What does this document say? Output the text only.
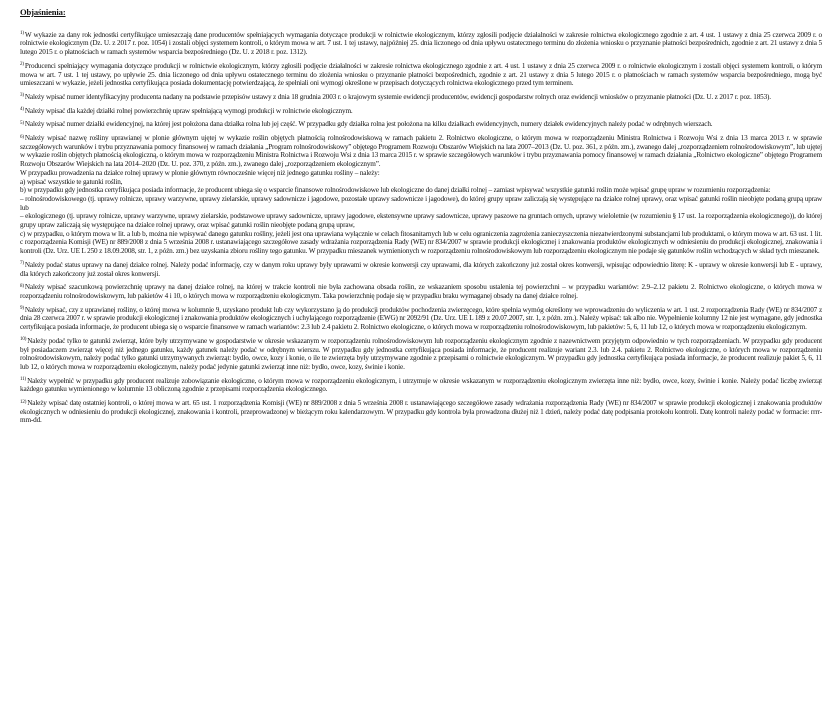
Objaśnienia:
$^{1)}$W wykazie za dany rok jednostki certyfikujące umieszczają dane producentów spełniających wymagania dotyczące produkcji w rolnictwie ekologicznym, którzy zgłosili podjęcie działalności w zakresie rolnictwa ekologicznego zgodnie z art. 4 ust. 1 ustawy z dnia 25 czerwca 2009 r. o rolnictwie ekologicznym (Dz. U. z 2017 r. poz. 1054) i zostali objęci systemem kontroli, o którym mowa w art. 7 ust. 1 tej ustawy, najpóźniej 25. dnia liczonego od dnia upływu ostatecznego terminu do złożenia wniosku o przyznanie płatności bezpośrednich, zgodnie z art. 21 ustawy z dnia 5 lutego 2015 r. o płatnościach w ramach systemów wsparcia bezpośredniego (Dz. U. z 2018 r. poz. 1312).
$^{2)}$Producenci spełniający wymagania dotyczące produkcji w rolnictwie ekologicznym, którzy zgłosili podjęcie działalności w zakresie rolnictwa ekologicznego zgodnie z art. 4 ust. 1 ustawy z dnia 25 czerwca 2009 r. o rolnictwie ekologicznym i zostali objęci systemem kontroli, o którym mowa w art. 7 ust. 1 tej ustawy, po upływie 25. dnia liczonego od dnia upływu ostatecznego terminu do złożenia wniosku o przyznanie płatności bezpośrednich, zgodnie z art. 21 ustawy z dnia 5 lutego 2015 r. o płatnościach w ramach systemów wsparcia bezpośredniego, mogą być umieszczani w wykazie, jeżeli jednostka certyfikująca posiada dokumentację potwierdzającą, że spełniali oni wymogi określone w przepisach dotyczących rolnictwa ekologicznego przed tym terminem.
$^{3)}$Należy wpisać numer identyfikacyjny producenta nadany na podstawie przepisów ustawy z dnia 18 grudnia 2003 r. o krajowym systemie ewidencji producentów, ewidencji gospodarstw rolnych oraz ewidencji wniosków o przyznanie płatności (Dz. U. z 2017 r. poz. 1853).
$^{4)}$Należy wpisać dla każdej działki rolnej powierzchnię upraw spełniającą wymogi produkcji w rolnictwie ekologicznym.
$^{5)}$Należy wpisać numer działki ewidencyjnej, na której jest położona dana działka rolna lub jej część. W przypadku gdy działka rolna jest położona na kilku działkach ewidencyjnych, numery działek ewidencyjnych należy podać w odrębnych wierszach.
$^{6)}$Należy wpisać nazwę rośliny uprawianej w plonie głównym ujętej w wykazie roślin objętych płatnością rolnośrodowiskową w ramach pakietu 2. Rolnictwo ekologiczne, o którym mowa w rozporządzeniu Ministra Rolnictwa i Rozwoju Wsi z dnia 13 marca 2013 r. w sprawie szczegółowych warunków i trybu przyznawania pomocy finansowej w ramach działania „Program rolnośrodowiskowy” objętego Programem Rozwoju Obszarów Wiejskich na lata 2007–2013 (Dz. U. poz. 361, z późn. zm.), zwanego dalej „rozporządzeniem rolnośrodowiskowym”, lub ujętej w wykazie roślin objętych płatnością ekologiczną, o którym mowa w rozporządzeniu Ministra Rolnictwa i Rozwoju Wsi z dnia 13 marca 2015 r. w sprawie szczegółowych warunków i trybu przyznawania pomocy finansowej w ramach działania „Rolnictwo ekologiczne” objętego Programem Rozwoju Obszarów Wiejskich na lata 2014–2020 (Dz. U. poz. 370, z późn. zm.), zwanego dalej „rozporządzeniem ekologicznym”.
W przypadku prowadzenia na działce rolnej uprawy w plonie głównym równocześnie więcej niż jednego gatunku rośliny – należy:
a) wpisać wszystkie te gatunki roślin,
b) w przypadku gdy jednostka certyfikująca posiada informacje, że producent ubiega się o wsparcie finansowe rolnośrodowiskowe lub ekologiczne do danej działki rolnej – zamiast wpisywać wszystkie gatunki roślin może wpisać grupę upraw w rozumieniu rozporządzenia:
– rolnośrodowiskowego (tj. uprawy rolnicze, uprawy warzywne, uprawy zielarskie, uprawy sadownicze i jagodowe, pozostałe uprawy sadownicze i jagodowe), do której grupy upraw zaliczają się występujące na działce rolnej uprawy, oraz wpisać gatunki roślin nieobjęte podaną grupą upraw lub
– ekologicznego (tj. uprawy rolnicze, uprawy warzywne, uprawy zielarskie, podstawowe uprawy sadownicze, uprawy jagodowe, ekstensywne uprawy sadownicze, uprawy paszowe na gruntach ornych, uprawy wieloletnie (w rozumieniu § 17 ust. 1a rozporządzenia ekologicznego)), do której grupy upraw zaliczają się występujące na działce rolnej uprawy, oraz wpisać gatunki roślin nieobjęte podaną grupą upraw,
c) w przypadku, o którym mowa w lit. a lub b, można nie wpisywać danego gatunku rośliny, jeżeli jest ona uprawiana wyłącznie w celach fitosanitarnych lub w celu ograniczenia zagrożenia zanieczyszczenia niezatwierdzonymi substancjami lub produktami, o którym mowa w art. 63 ust. 1 lit. c rozporządzenia Komisji (WE) nr 889/2008 z dnia 5 września 2008 r. ustanawiającego szczegółowe zasady wdrażania rozporządzenia Rady (WE) nr 834/2007 w sprawie produkcji ekologicznej i znakowania produktów ekologicznych w odniesieniu do produkcji ekologicznej, znakowania i kontroli (Dz. Urz. UE L 250 z 18.09.2008, str. 1, z późn. zm.) bez uzyskania zbioru rośliny tego gatunku. W przypadku mieszanek wymienionych w rozporządzeniu rolnośrodowiskowym lub rozporządzeniu ekologicznym nie podaje się gatunków roślin wchodzących w skład tych mieszanek.
$^{7)}$Należy podać status uprawy na danej działce rolnej. Należy podać informację, czy w danym roku uprawy były uprawami w okresie konwersji czy uprawami, dla których zakończony już został okres konwersji, wpisując odpowiednio literę: K - uprawy w okresie konwersji lub E - uprawy, dla których zakończony już został okres konwersji.
$^{8)}$Należy wpisać szacunkową powierzchnię uprawy na danej działce rolnej, na której w trakcie kontroli nie była zachowana obsada roślin, ze wskazaniem sposobu ustalenia tej powierzchni – w przypadku wariantów: 2.9–2.12 pakietu 2. Rolnictwo ekologiczne, o których mowa w rozporządzeniu rolnośrodowiskowym, lub pakietów 4 i 10, o których mowa w rozporządzeniu ekologicznym. Taka powierzchnię podaje się w przypadku braku wymaganej obsady na danej działce rolnej.
$^{9)}$Należy wpisać, czy z uprawianej rośliny, o której mowa w kolumnie 9, uzyskano produkt lub czy wykorzystano ją do produkcji produktów pochodzenia zwierzęcego, które spełnia wymóg określony we wprowadzeniu do wyliczenia w art. 1 ust. 2 rozporządzenia Rady (WE) nr 834/2007 z dnia 28 czerwca 2007 r. w sprawie produkcji ekologicznej i znakowania produktów ekologicznych i uchylającego rozporządzenie (EWG) nr 2092/91 (Dz. Urz. UE L 189 z 20.07.2007, str. 1, z późn. zm.). Należy wpisać: tak albo nie. Wypełnienie kolumny 12 nie jest wymagane, gdy jednostka certyfikująca posiada informacje, że producent ubiega się o wsparcie finansowe w ramach wariantów: 2.3 lub 2.4 pakietu 2. Rolnictwo ekologiczne, o których mowa w rozporządzeniu rolnośrodowiskowym, lub pakietów: 5, 6, 11 lub 12, o których mowa w rozporządzeniu ekologicznym.
$^{10)}$Należy podać tylko te gatunki zwierząt, które były utrzymywane w gospodarstwie w okresie wskazanym w rozporządzeniu rolnośrodowiskowym lub rozporządzeniu ekologicznym zgodnie z nazewnictwem przyjętym odpowiednio w tych rozporządzeniach. W przypadku gdy producent był posiadaczem zwierząt więcej niż jednego gatunku, każdy gatunek należy podać w odrębnym wierszu. W przypadku gdy jednostka certyfikująca posiada informacje, że producent realizuje wariant 2.3. lub 2.4. pakietu 2. Rolnictwo ekologiczne, o których mowa w rozporządzeniu rolnośrodowiskowym, należy podać tylko gatunki utrzymywanych zwierząt: bydło, owce, kozy i konie, o ile te zwierzęta były utrzymywane zgodnie z przepisami o rolnictwie ekologicznym. W przypadku gdy jednostka certyfikująca posiada informacje, że producent realizuje pakiet 5, 6, 11 lub 12, o których mowa w rozporządzeniu ekologicznym, należy podać jedynie gatunki zwierząt inne niż: bydło, owce, kozy, świnie i konie.
$^{11)}$Należy wypełnić w przypadku gdy producent realizuje zobowiązanie ekologiczne, o którym mowa w rozporządzeniu ekologicznym, i utrzymuje w okresie wskazanym w rozporządzeniu ekologicznym zwierzęta inne niż: bydło, owce, kozy, świnie i konie. Należy podać liczbę zwierząt każdego gatunku wymienionego w kolumnie 13 obliczoną zgodnie z przepisami rozporządzenia ekologicznego.
$^{12)}$Należy wpisać datę ostatniej kontroli, o której mowa w art. 65 ust. 1 rozporządzenia Komisji (WE) nr 889/2008 z dnia 5 września 2008 r. ustanawiającego szczegółowe zasady wdrażania rozporządzenia Rady (WE) nr 834/2007 w sprawie produkcji ekologicznej i znakowania produktów ekologicznych w odniesieniu do produkcji ekologicznej, znakowania i kontroli, przeprowadzonej w bieżącym roku kalendarzowym. W przypadku gdy kontrola była prowadzona dłużej niż 1 dzień, należy podać datę podpisania protokołu kontroli. Datę kontroli należy podać w formacie: rrrr-mm-dd.
